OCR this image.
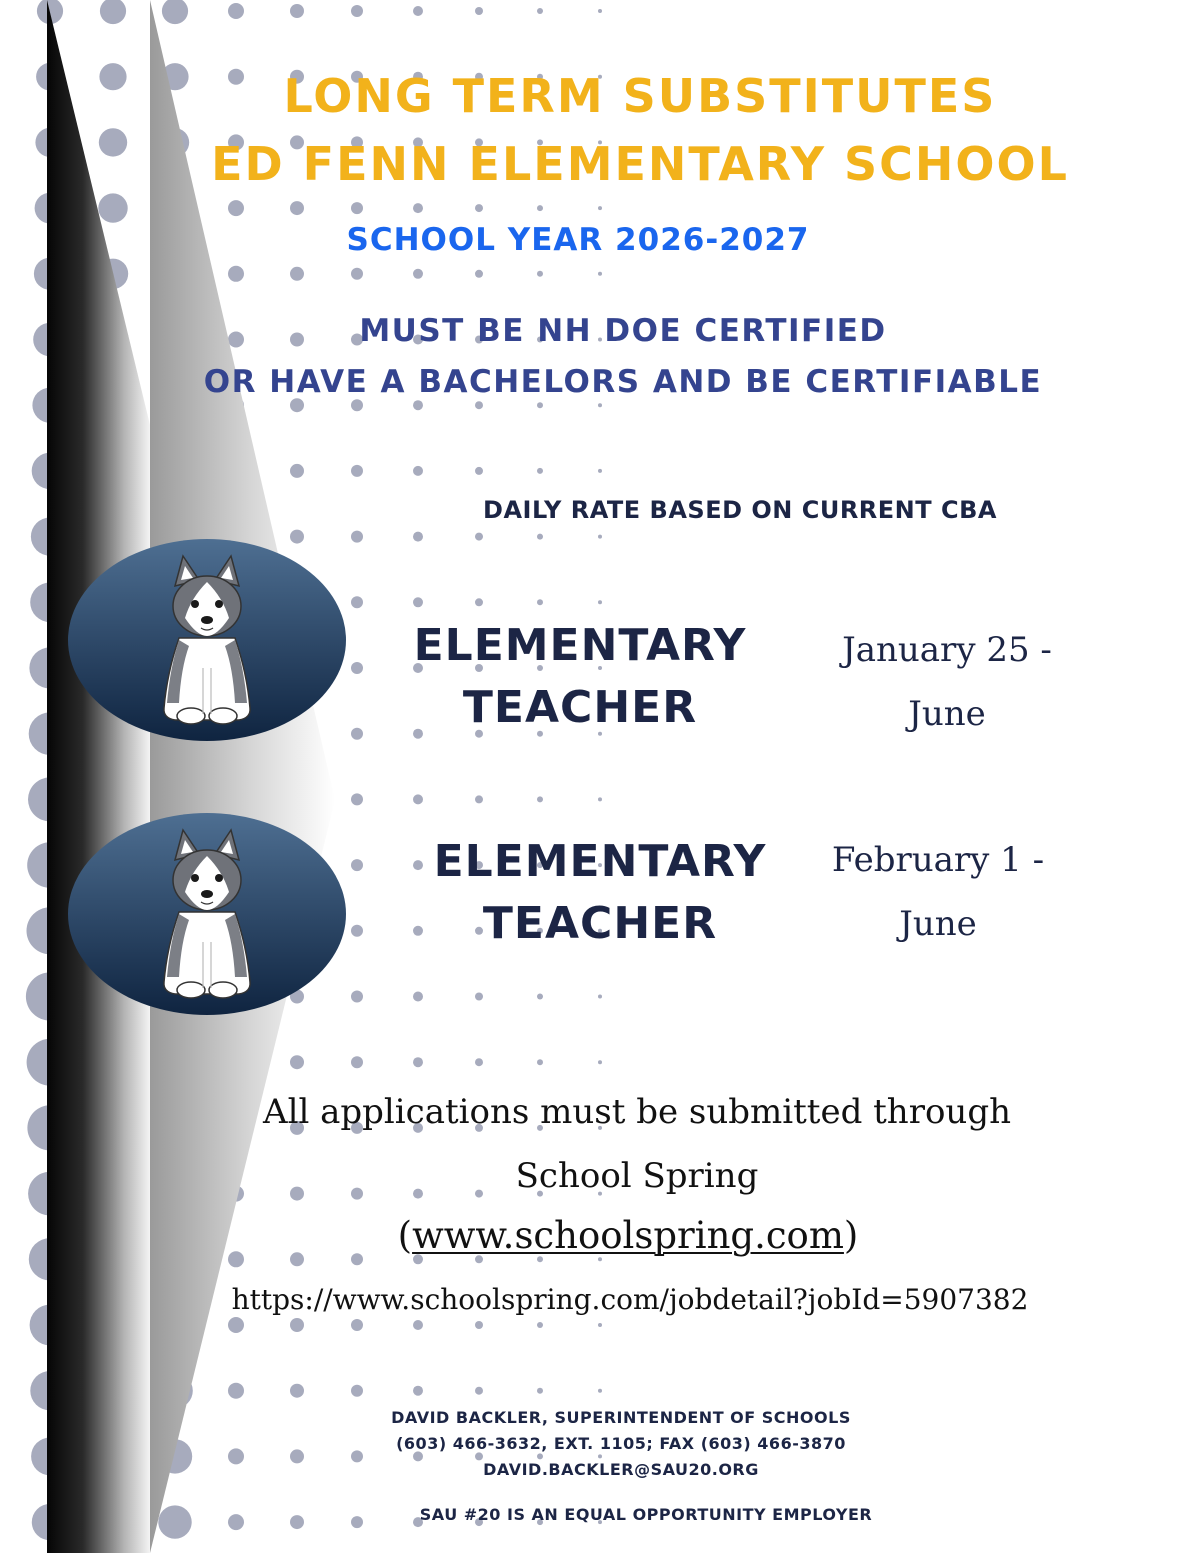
LONG TERM SUBSTITUTES
ED FENN ELEMENTARY SCHOOL
SCHOOL YEAR 2026-2027
MUST BE NH DOE CERTIFIED
OR HAVE A BACHELORS AND BE CERTIFIABLE
DAILY RATE BASED ON CURRENT CBA
ELEMENTARY
TEACHER
January 25 -
June
ELEMENTARY
TEACHER
February 1 -
June
All applications must be submitted through
School Spring
(www.schoolspring.com)
https://www.schoolspring.com/jobdetail?jobId=5907382
DAVID BACKLER, SUPERINTENDENT OF SCHOOLS
(603) 466-3632, EXT. 1105; FAX (603) 466-3870
DAVID.BACKLER@SAU20.ORG
SAU #20 IS AN EQUAL OPPORTUNITY EMPLOYER
